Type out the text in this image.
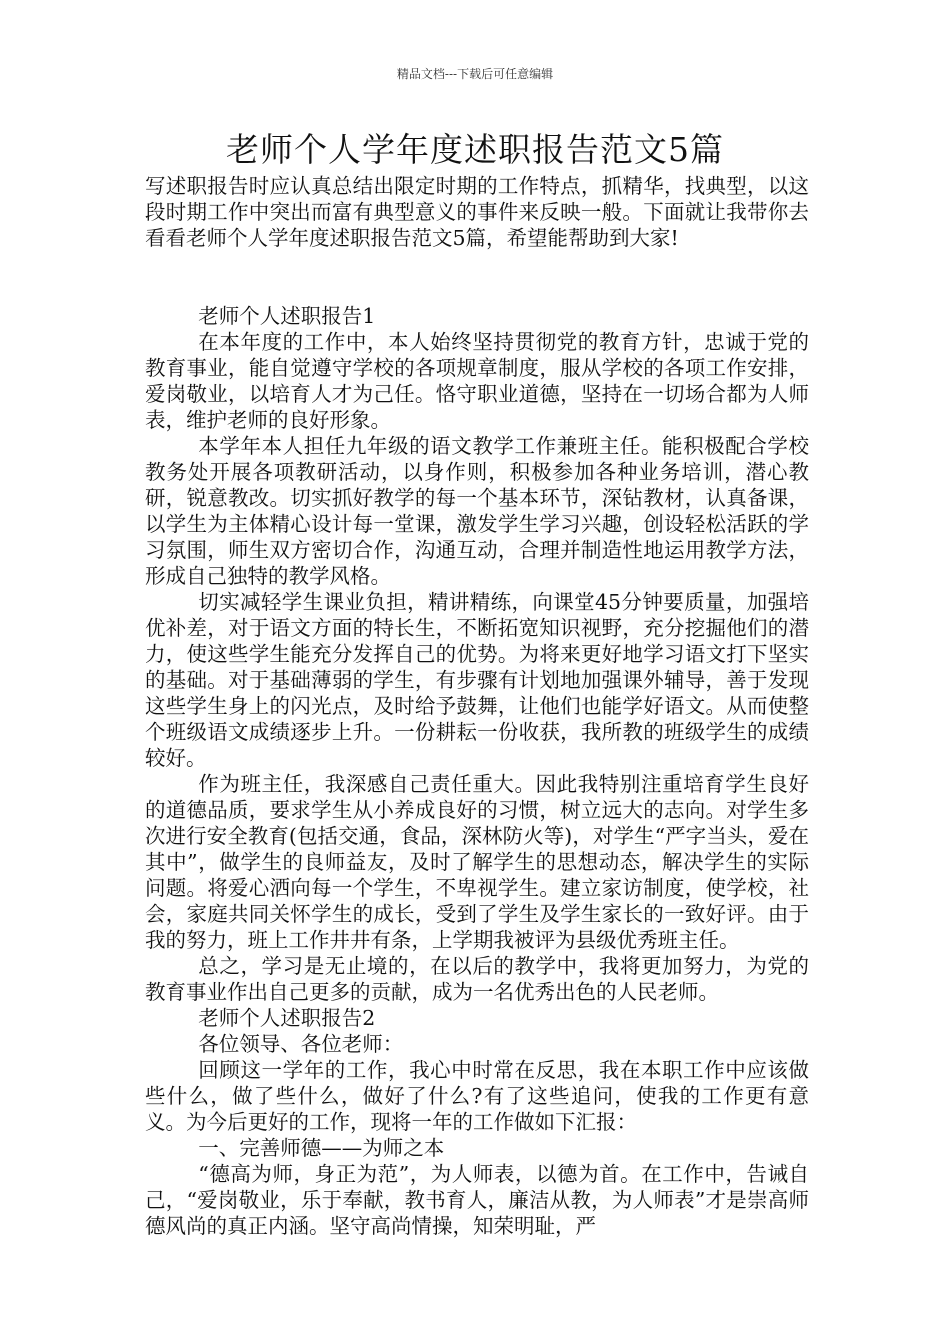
精品文档---下载后可任意编辑
老师个人学年度述职报告范文5篇

写述职报告时应认真总结出限定时期的工作特点，抓精华，找典型，以这段时期工作中突出而富有典型意义的事件来反映一般。下面就让我带你去看看老师个人学年度述职报告范文5篇，希望能帮助到大家!

老师个人述职报告1

在本年度的工作中，本人始终坚持贯彻党的教育方针，忠诚于党的教育事业，能自觉遵守学校的各项规章制度，服从学校的各项工作安排，爱岗敬业，以培育人才为己任。恪守职业道德，坚持在一切场合都为人师表，维护老师的良好形象。

本学年本人担任九年级的语文教学工作兼班主任。能积极配合学校教务处开展各项教研活动，以身作则，积极参加各种业务培训，潜心教研，锐意教改。切实抓好教学的每一个基本环节，深钻教材，认真备课，以学生为主体精心设计每一堂课，激发学生学习兴趣，创设轻松活跃的学习氛围，师生双方密切合作，沟通互动，合理并制造性地运用教学方法，形成自己独特的教学风格。

切实减轻学生课业负担，精讲精练，向课堂45分钟要质量，加强培优补差，对于语文方面的特长生，不断拓宽知识视野，充分挖掘他们的潜力，使这些学生能充分发挥自己的优势。为将来更好地学习语文打下坚实的基础。对于基础薄弱的学生，有步骤有计划地加强课外辅导，善于发现这些学生身上的闪光点，及时给予鼓舞，让他们也能学好语文。从而使整个班级语文成绩逐步上升。一份耕耘一份收获，我所教的班级学生的成绩较好。

作为班主任，我深感自己责任重大。因此我特别注重培育学生良好的道德品质，要求学生从小养成良好的习惯，树立远大的志向。对学生多次进行安全教育(包括交通，食品，深林防火等)，对学生“严字当头，爱在其中”，做学生的良师益友，及时了解学生的思想动态，解决学生的实际问题。将爱心洒向每一个学生，不卑视学生。建立家访制度，使学校，社会，家庭共同关怀学生的成长，受到了学生及学生家长的一致好评。由于我的努力，班上工作井井有条，上学期我被评为县级优秀班主任。

总之，学习是无止境的，在以后的教学中，我将更加努力，为党的教育事业作出自己更多的贡献，成为一名优秀出色的人民老师。

老师个人述职报告2

各位领导、各位老师：

回顾这一学年的工作，我心中时常在反思，我在本职工作中应该做些什么，做了些什么，做好了什么?有了这些追问，使我的工作更有意义。为今后更好的工作，现将一年的工作做如下汇报：

一、完善师德——为师之本

“德高为师，身正为范”，为人师表，以德为首。在工作中，告诫自己，“爱岗敬业，乐于奉献，教书育人，廉洁从教，为人师表”才是崇高师德风尚的真正内涵。坚守高尚情操，知荣明耻，严
